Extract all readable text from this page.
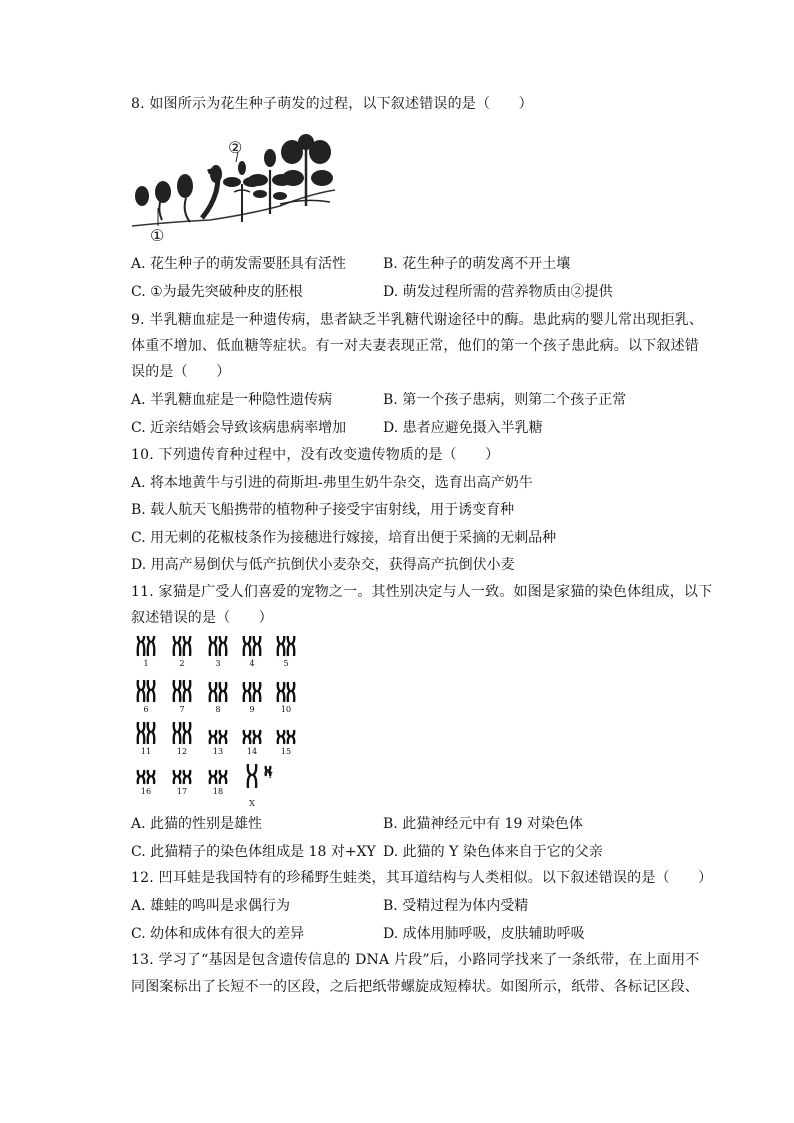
8. 如图所示为花生种子萌发的过程，以下叙述错误的是（　　）
②
①
A. 花生种子的萌发需要胚具有活性	B. 花生种子的萌发离不开土壤
C. ①为最先突破种皮的胚根	D. 萌发过程所需的营养物质由②提供
9. 半乳糖血症是一种遗传病，患者缺乏半乳糖代谢途径中的酶。患此病的婴儿常出现拒乳、
体重不增加、低血糖等症状。有一对夫妻表现正常，他们的第一个孩子患此病。以下叙述错
误的是（　　）
A. 半乳糖血症是一种隐性遗传病	B. 第一个孩子患病，则第二个孩子正常
C. 近亲结婚会导致该病患病率增加	D. 患者应避免摄入半乳糖
10. 下列遗传育种过程中，没有改变遗传物质的是（　　）
A. 将本地黄牛与引进的荷斯坦-弗里生奶牛杂交，选育出高产奶牛
B. 载人航天飞船携带的植物种子接受宇宙射线，用于诱变育种
C. 用无刺的花椒枝条作为接穗进行嫁接，培育出便于采摘的无刺品种
D. 用高产易倒伏与低产抗倒伏小麦杂交，获得高产抗倒伏小麦
11. 家猫是广受人们喜爱的宠物之一。其性别决定与人一致。如图是家猫的染色体组成，以下
叙述错误的是（　　）
1	2	3	4	5
6	7	8	9	10
11	12	13	14	15
16	17	18
X
Y
A. 此猫的性别是雄性	B. 此猫神经元中有 19 对染色体
C. 此猫精子的染色体组成是 18 对+XY D. 此猫的 Y 染色体来自于它的父亲
12. 凹耳蛙是我国特有的珍稀野生蛙类，其耳道结构与人类相似。以下叙述错误的是（　　）
A. 雄蛙的鸣叫是求偶行为	B. 受精过程为体内受精
C. 幼体和成体有很大的差异	D. 成体用肺呼吸，皮肤辅助呼吸
13. 学习了“基因是包含遗传信息的 DNA 片段”后，小路同学找来了一条纸带，在上面用不
同图案标出了长短不一的区段，之后把纸带螺旋成短棒状。如图所示，纸带、各标记区段、
